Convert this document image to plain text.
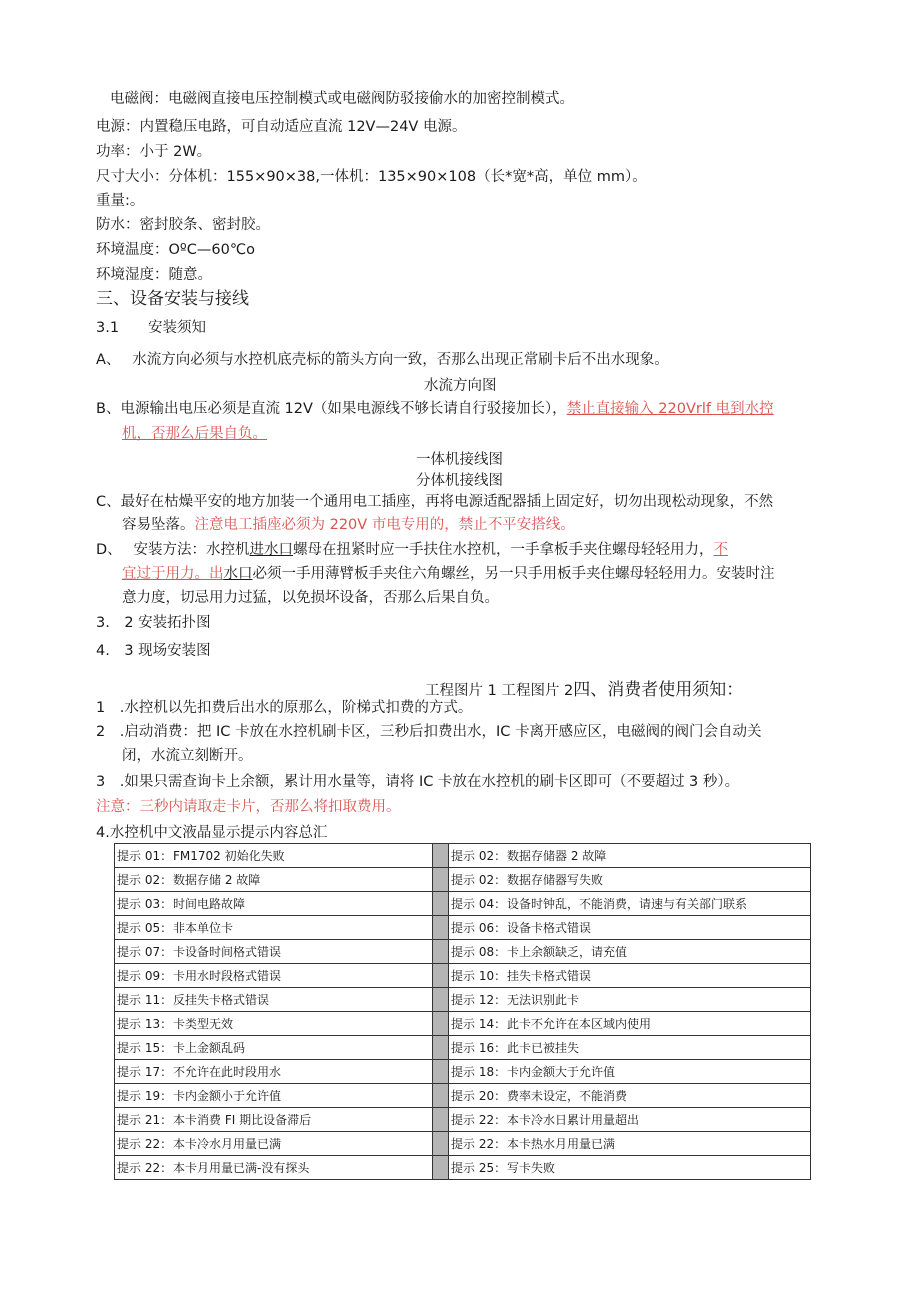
电磁阀：电磁阀直接电压控制模式或电磁阀防驳接偷水的加密控制模式。
电源：内置稳压电路，可自动适应直流 12V—24V 电源。
功率：小于 2W。
尺寸大小：分体机：155×90×38,一体机：135×90×108（长*宽*高，单位 mm）。
重量:。
防水：密封胶条、密封胶。
环境温度：OºC—60℃o
环境湿度：随意。
三、设备安装与接线
3.1　　安装须知
A、　 水流方向必须与水控机底壳标的箭头方向一致，否那么出现正常刷卡后不出水现象。
水流方向图
B、电源输出电压必须是直流 12V（如果电源线不够长请自行驳接加长），禁止直接输入 220Vrlf 电到水控
机，否那么后果自负。
一体机接线图
分体机接线图
C、最好在枯燥平安的地方加装一个通用电工插座，再将电源适配器插上固定好，切勿出现松动现象，不然
容易坠落。注意电工插座必须为 220V 市电专用的，禁止不平安搭线。
D、　 安装方法：水控机进水口螺母在扭紧时应一手扶住水控机，一手拿板手夹住螺母轻轻用力，不
宜过于用力。出水口必须一手用薄臂板手夹住六角螺丝，另一只手用板手夹住螺母轻轻用力。安装时注
意力度，切忌用力过猛，以免损坏设备，否那么后果自负。
3.　2 安装拓扑图
4.　3 现场安装图
工程图片 1 工程图片 2四、消费者使用须知：
1　.水控机以先扣费后出水的原那么，阶梯式扣费的方式。
2　.启动消费：把 IC 卡放在水控机刷卡区，三秒后扣费出水，IC 卡离开感应区，电磁阀的阀门会自动关
闭，水流立刻断开。
3　.如果只需查询卡上余额，累计用水量等，请将 IC 卡放在水控机的刷卡区即可（不要超过 3 秒）。
注意：三秒内请取走卡片，否那么将扣取费用。
4.水控机中文液晶显示提示内容总汇
提示 01：FM1702 初始化失败		提示 02：数据存储器 2 故障
提示 02：数据存储 2 故障		提示 02：数据存储器写失败
提示 03：时间电路故障		提示 04：设备时钟乱，不能消费，请速与有关部门联系
提示 05：非本单位卡		提示 06：设备卡格式错误
提示 07：卡设备时间格式错误		提示 08：卡上余额缺乏，请充值
提示 09：卡用水时段格式错误		提示 10：挂失卡格式错误
提示 11：反挂失卡格式错误		提示 12：无法识别此卡
提示 13：卡类型无效		提示 14：此卡不允许在本区域内使用
提示 15：卡上金额乱码		提示 16：此卡已被挂失
提示 17：不允许在此时段用水		提示 18：卡内金额大于允许值
提示 19：卡内金额小于允许值		提示 20：费率未设定，不能消费
提示 21：本卡消费 FI 期比设备滞后		提示 22：本卡冷水日累计用量超出
提示 22：本卡冷水月用量已满		提示 22：本卡热水月用量已满
提示 22：本卡月用量已满-没有探头		提示 25：写卡失败
